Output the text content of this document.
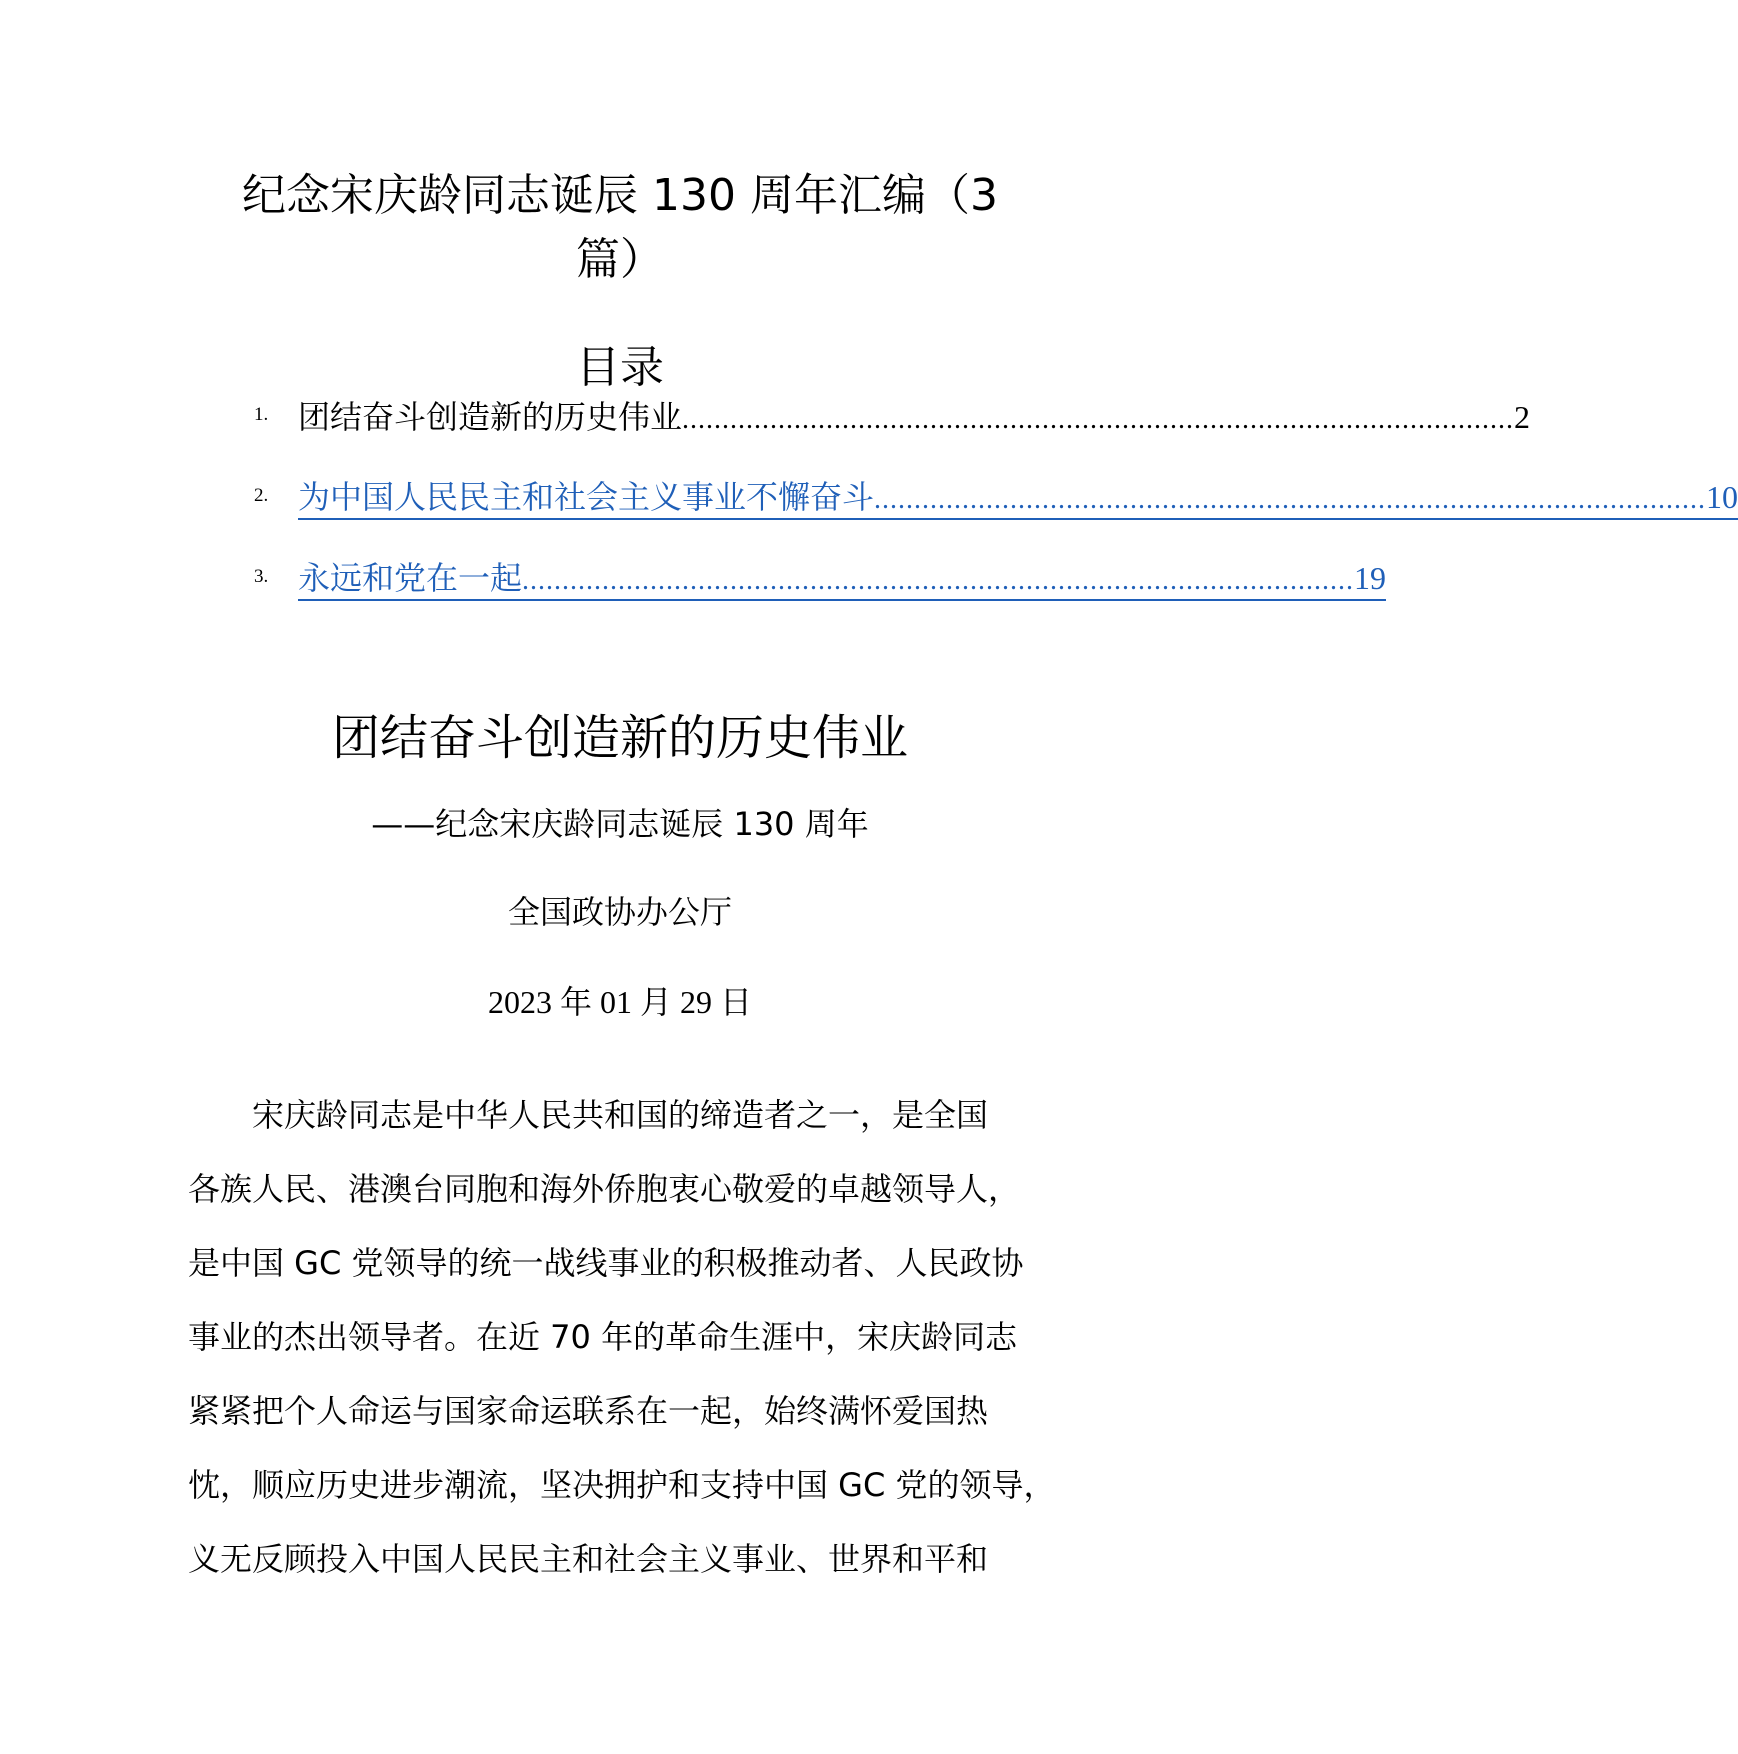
纪念宋庆龄同志诞辰 130 周年汇编（3
篇）
目录
1. 团结奋斗创造新的历史伟业 ........................................................................................................ 2
2. 为中国人民民主和社会主义事业不懈奋斗 ........................................................................................................ 10
3. 永远和党在一起 ........................................................................................................ 19
团结奋斗创造新的历史伟业

——纪念宋庆龄同志诞辰 130 周年

全国政协办公厅

2023 年 01 月 29 日

宋庆龄同志是中华人民共和国的缔造者之一，是全国
各族人民、港澳台同胞和海外侨胞衷心敬爱的卓越领导人，
是中国 GC 党领导的统一战线事业的积极推动者、人民政协
事业的杰出领导者。在近 70 年的革命生涯中，宋庆龄同志
紧紧把个人命运与国家命运联系在一起，始终满怀爱国热
忱，顺应历史进步潮流，坚决拥护和支持中国 GC 党的领导，
义无反顾投入中国人民民主和社会主义事业、世界和平和
